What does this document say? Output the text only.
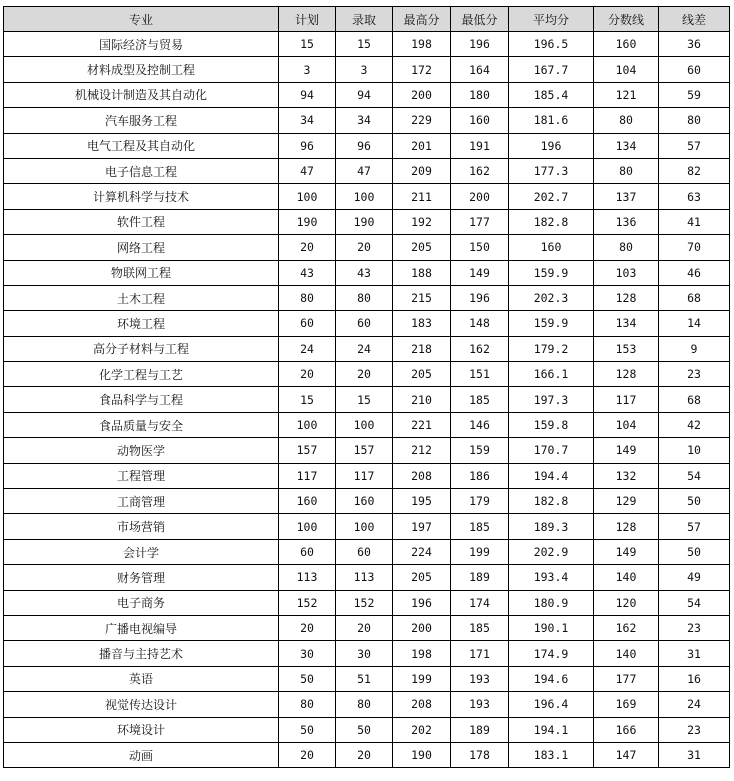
专业	计划	录取	最高分	最低分	平均分	分数线	线差
国际经济与贸易	15	15	198	196	196.5	160	36
材料成型及控制工程	3	3	172	164	167.7	104	60
机械设计制造及其自动化	94	94	200	180	185.4	121	59
汽车服务工程	34	34	229	160	181.6	80	80
电气工程及其自动化	96	96	201	191	196	134	57
电子信息工程	47	47	209	162	177.3	80	82
计算机科学与技术	100	100	211	200	202.7	137	63
软件工程	190	190	192	177	182.8	136	41
网络工程	20	20	205	150	160	80	70
物联网工程	43	43	188	149	159.9	103	46
土木工程	80	80	215	196	202.3	128	68
环境工程	60	60	183	148	159.9	134	14
高分子材料与工程	24	24	218	162	179.2	153	9
化学工程与工艺	20	20	205	151	166.1	128	23
食品科学与工程	15	15	210	185	197.3	117	68
食品质量与安全	100	100	221	146	159.8	104	42
动物医学	157	157	212	159	170.7	149	10
工程管理	117	117	208	186	194.4	132	54
工商管理	160	160	195	179	182.8	129	50
市场营销	100	100	197	185	189.3	128	57
会计学	60	60	224	199	202.9	149	50
财务管理	113	113	205	189	193.4	140	49
电子商务	152	152	196	174	180.9	120	54
广播电视编导	20	20	200	185	190.1	162	23
播音与主持艺术	30	30	198	171	174.9	140	31
英语	50	51	199	193	194.6	177	16
视觉传达设计	80	80	208	193	196.4	169	24
环境设计	50	50	202	189	194.1	166	23
动画	20	20	190	178	183.1	147	31
